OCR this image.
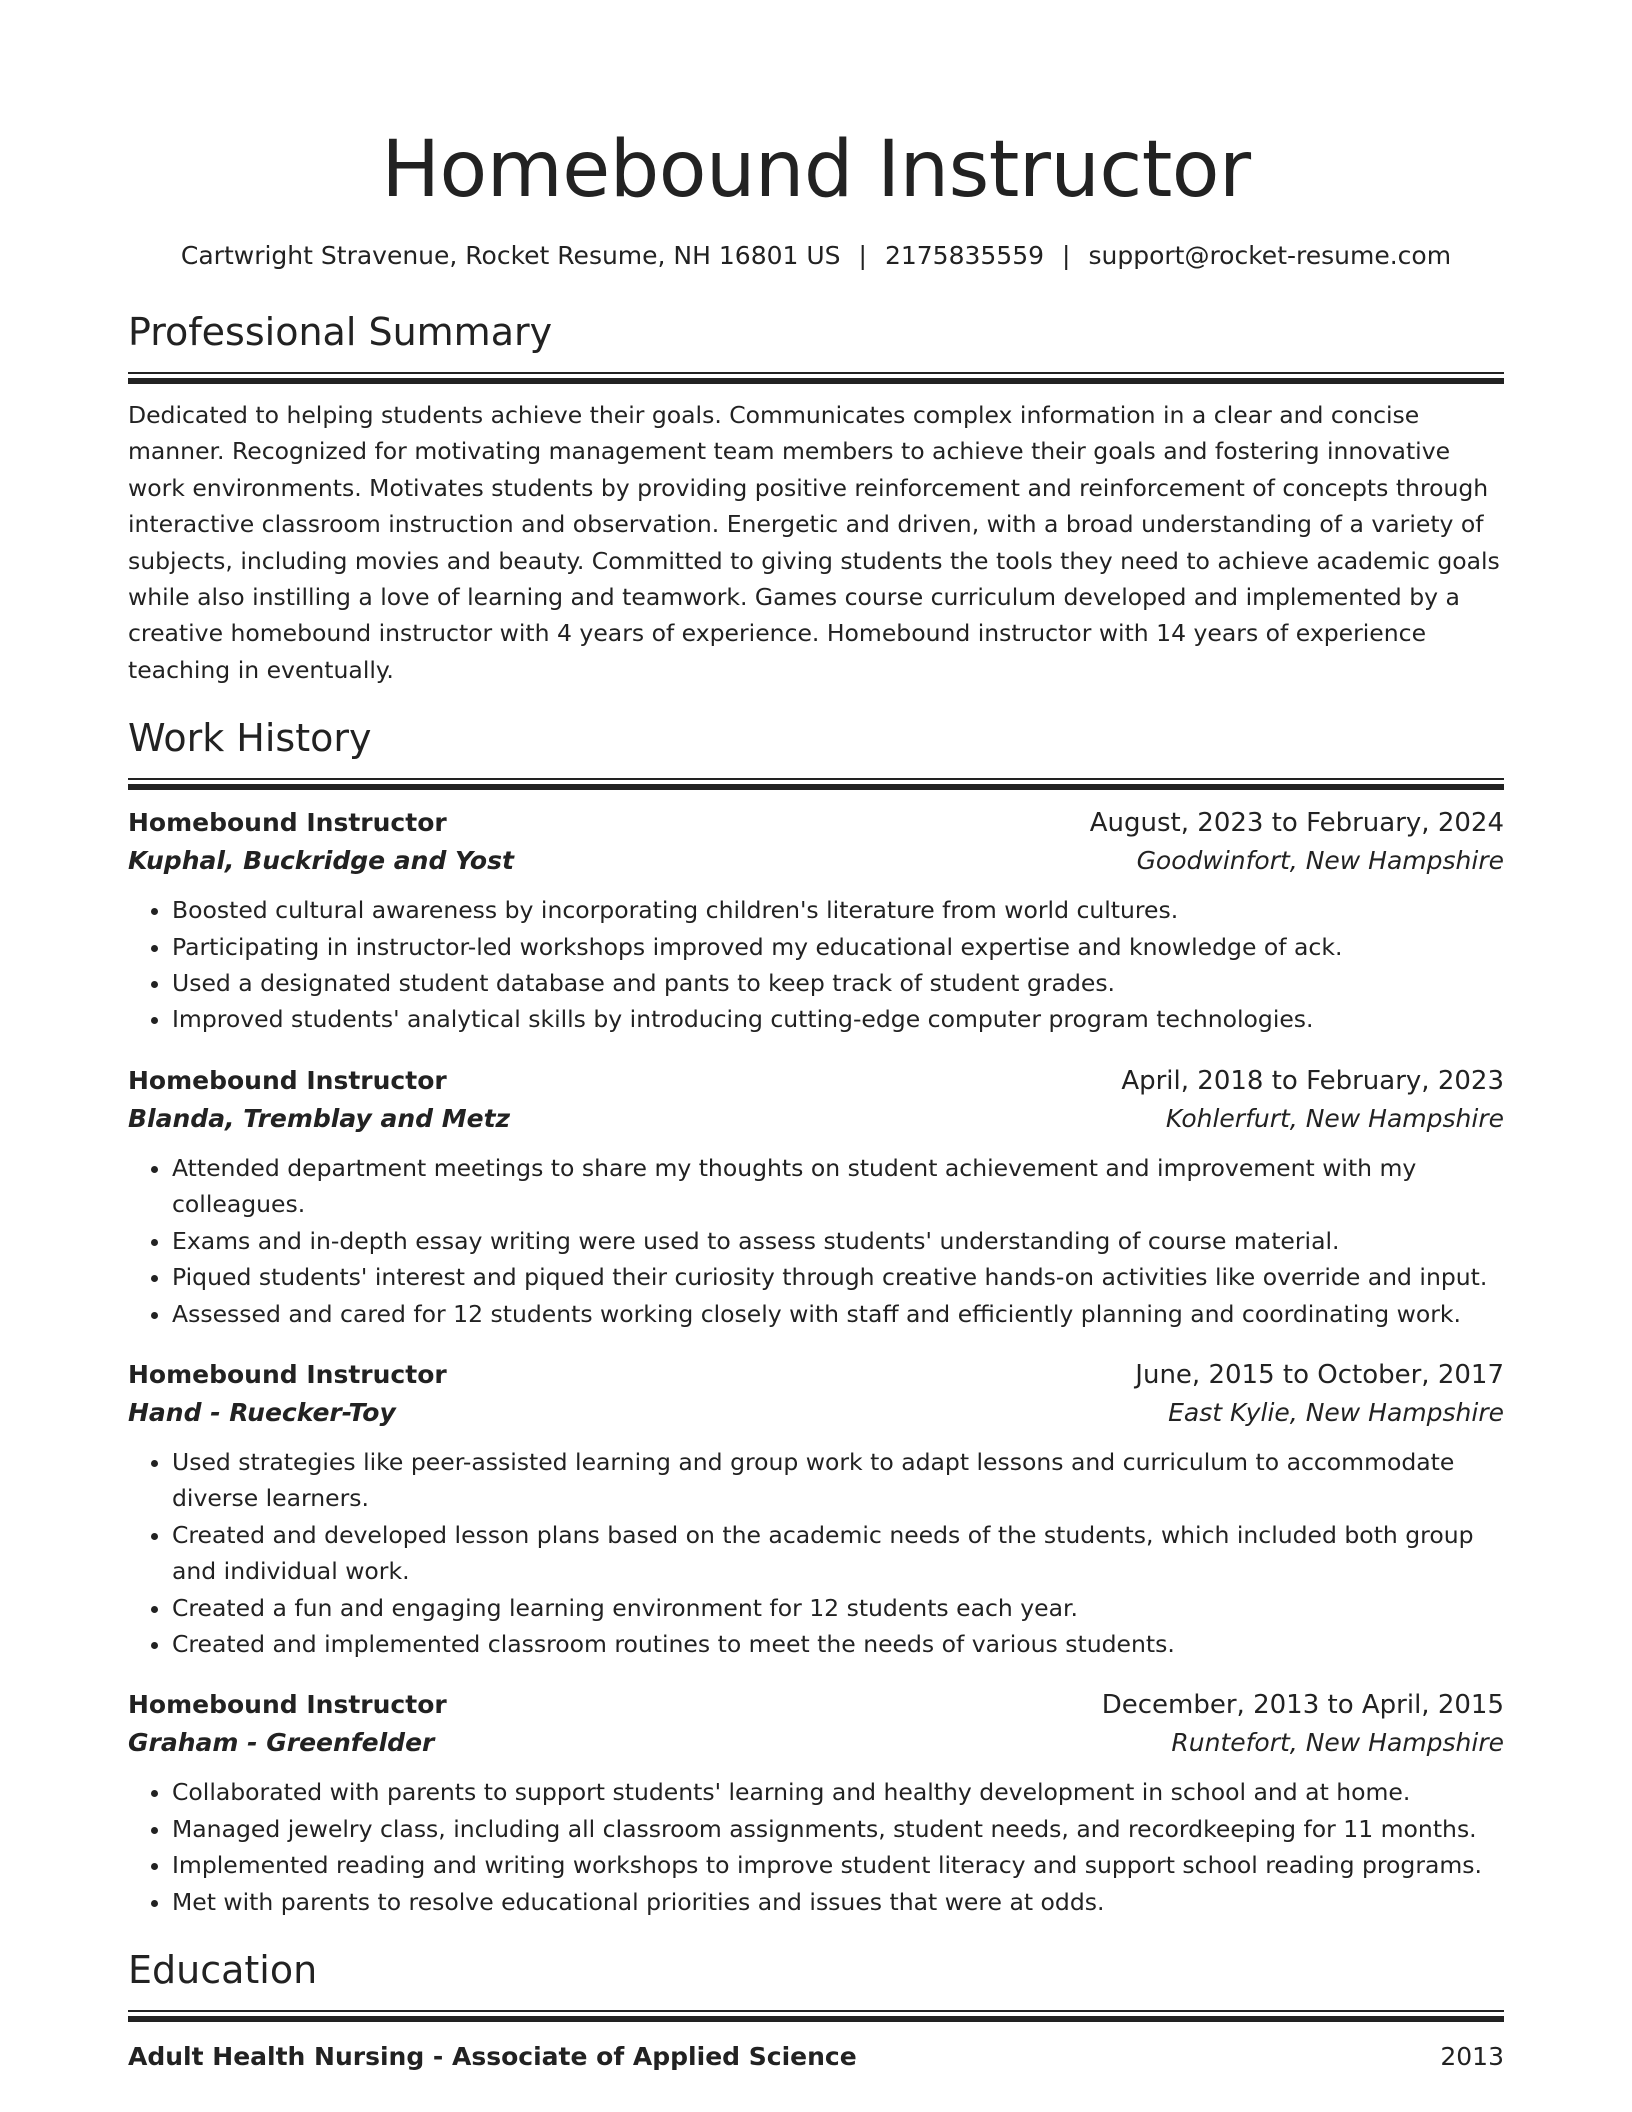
Homebound Instructor
Cartwright Stravenue, Rocket Resume, NH 16801 US | 2175835559 | support@rocket-resume.com
Professional Summary

Dedicated to helping students achieve their goals. Communicates complex information in a clear and concise manner. Recognized for motivating management team members to achieve their goals and fostering innovative work environments. Motivates students by providing positive reinforcement and reinforcement of concepts through interactive classroom instruction and observation. Energetic and driven, with a broad understanding of a variety of subjects, including movies and beauty. Committed to giving students the tools they need to achieve academic goals while also instilling a love of learning and teamwork. Games course curriculum developed and implemented by a creative homebound instructor with 4 years of experience. Homebound instructor with 14 years of experience teaching in eventually.

Work History
Homebound Instructor	August, 2023 to February, 2024
Kuphal, Buckridge and Yost	Goodwinfort, New Hampshire
• Boosted cultural awareness by incorporating children's literature from world cultures.
• Participating in instructor-led workshops improved my educational expertise and knowledge of ack.
• Used a designated student database and pants to keep track of student grades.
• Improved students' analytical skills by introducing cutting-edge computer program technologies.
Homebound Instructor	April, 2018 to February, 2023
Blanda, Tremblay and Metz	Kohlerfurt, New Hampshire
• Attended department meetings to share my thoughts on student achievement and improvement with my colleagues.
• Exams and in-depth essay writing were used to assess students' understanding of course material.
• Piqued students' interest and piqued their curiosity through creative hands-on activities like override and input.
• Assessed and cared for 12 students working closely with staff and efficiently planning and coordinating work.
Homebound Instructor	June, 2015 to October, 2017
Hand - Ruecker-Toy	East Kylie, New Hampshire
• Used strategies like peer-assisted learning and group work to adapt lessons and curriculum to accommodate diverse learners.
• Created and developed lesson plans based on the academic needs of the students, which included both group and individual work.
• Created a fun and engaging learning environment for 12 students each year.
• Created and implemented classroom routines to meet the needs of various students.
Homebound Instructor	December, 2013 to April, 2015
Graham - Greenfelder	Runtefort, New Hampshire
• Collaborated with parents to support students' learning and healthy development in school and at home.
• Managed jewelry class, including all classroom assignments, student needs, and recordkeeping for 11 months.
• Implemented reading and writing workshops to improve student literacy and support school reading programs.
• Met with parents to resolve educational priorities and issues that were at odds.
Education
Adult Health Nursing - Associate of Applied Science	2013
